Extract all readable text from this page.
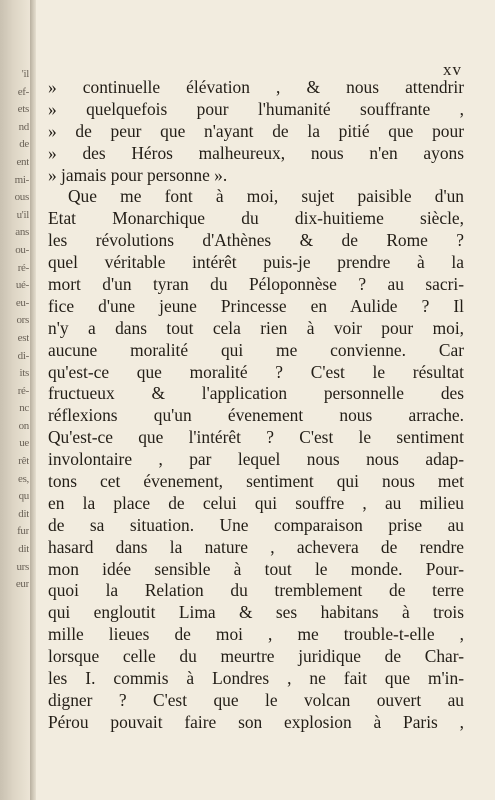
'il
ef-
ets
nd
de
ent
mi-
ous
u'il
ans
ou-
ré-
ué-
eu-
ors
est
di-
its
ré-
nc
on
ue
rêt
es,
qu
dit
fur
dit
urs
eur
xv
» continuelle élévation , & nous attendrir
» quelquefois pour l'humanité souffrante ,
» de peur que n'ayant de la pitié que pour
» des Héros malheureux, nous n'en ayons
» jamais pour personne ».
Que me font à moi, sujet paisible d'un
Etat Monarchique du dix-huitieme siècle,
les révolutions d'Athènes & de Rome ?
quel véritable intérêt puis-je prendre à la
mort d'un tyran du Péloponnèse ? au sacri-
fice d'une jeune Princesse en Aulide ? Il
n'y a dans tout cela rien à voir pour moi,
aucune moralité qui me convienne. Car
qu'est-ce que moralité ? C'est le résultat
fructueux & l'application personnelle des
réflexions qu'un évenement nous arrache.
Qu'est-ce que l'intérêt ? C'est le sentiment
involontaire , par lequel nous nous adap-
tons cet évenement, sentiment qui nous met
en la place de celui qui souffre , au milieu
de sa situation. Une comparaison prise au
hasard dans la nature , achevera de rendre
mon idée sensible à tout le monde. Pour-
quoi la Relation du tremblement de terre
qui engloutit Lima & ses habitans à trois
mille lieues de moi , me trouble-t-elle ,
lorsque celle du meurtre juridique de Char-
les I. commis à Londres , ne fait que m'in-
digner ? C'est que le volcan ouvert au
Pérou pouvait faire son explosion à Paris ,
